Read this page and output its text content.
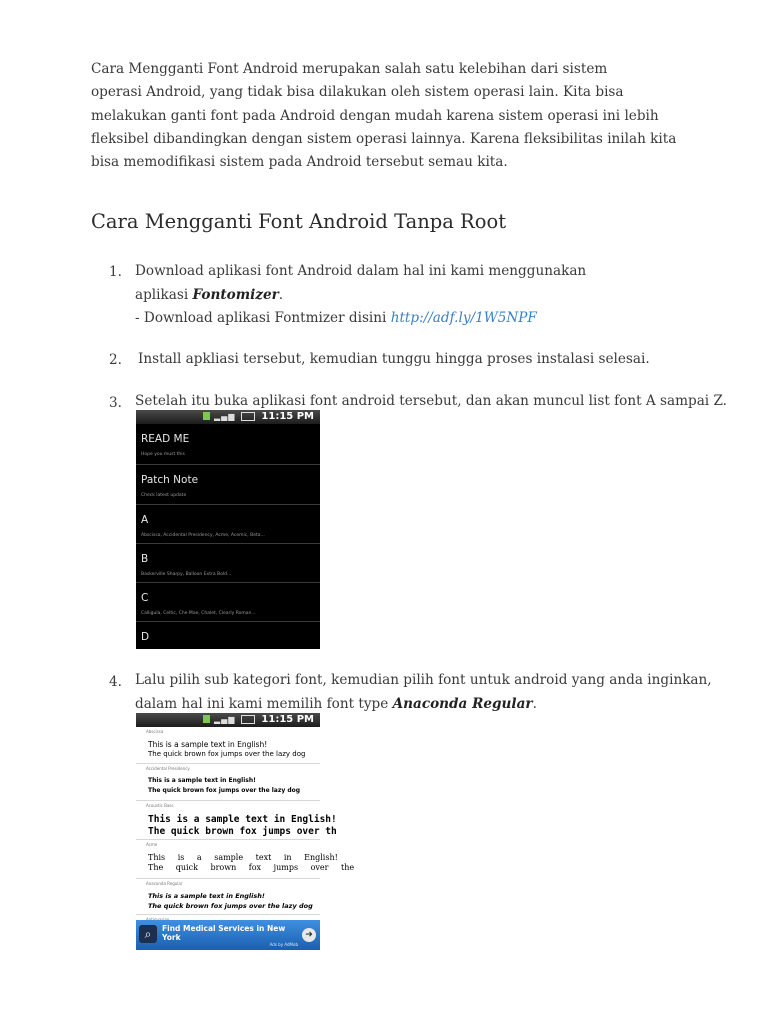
Cara Mengganti Font Android merupakan salah satu kelebihan dari sistem
operasi Android, yang tidak bisa dilakukan oleh sistem operasi lain. Kita bisa
melakukan ganti font pada Android dengan mudah karena sistem operasi ini lebih
fleksibel dibandingkan dengan sistem operasi lainnya. Karena fleksibilitas inilah kita
bisa memodifikasi sistem pada Android tersebut semau kita.

Cara Mengganti Font Android Tanpa Root
1. Download aplikasi font Android dalam hal ini kami menggunakan
aplikasi Fontomizer.
- Download aplikasi Fontmizer disini http://adf.ly/1W5NPF
2. Install apkliasi tersebut, kemudian tunggu hingga proses instalasi selesai.
3. Setelah itu buka aplikasi font android tersebut, dan akan muncul list font A sampai Z.
▂▄▆	11:15 PM
READ ME
Hope you must this
Patch Note
Check latest update
A
Abscissa, Accidental Presidency, Acme, Acemic, Beta...
B
Baskerville Sharpy, Balloon Extra Bold...
C
Calligula, Celtic, Che Mae, Chalet, Clearly Roman...
D
4. Lalu pilih sub kategori font, kemudian pilih font untuk android yang anda inginkan,
dalam hal ini kami memilih font type Anaconda Regular.
▂▄▆	11:15 PM
Abscissa
This is a sample text in English!
The quick brown fox jumps over the lazy dog
Accidental Presidency
This is a sample text in English!
The quick brown fox jumps over the lazy dog
Acoustic Bass
This is a sample text in English!
The quick brown fox jumps over th
Acme
This is a sample text in English!
The quick brown fox jumps over the
Anaconda Regular
This is a sample text in English!
The quick brown fox jumps over the lazy dog
⌕	Find Medical Services in New York
Ads by AdMob
➜
